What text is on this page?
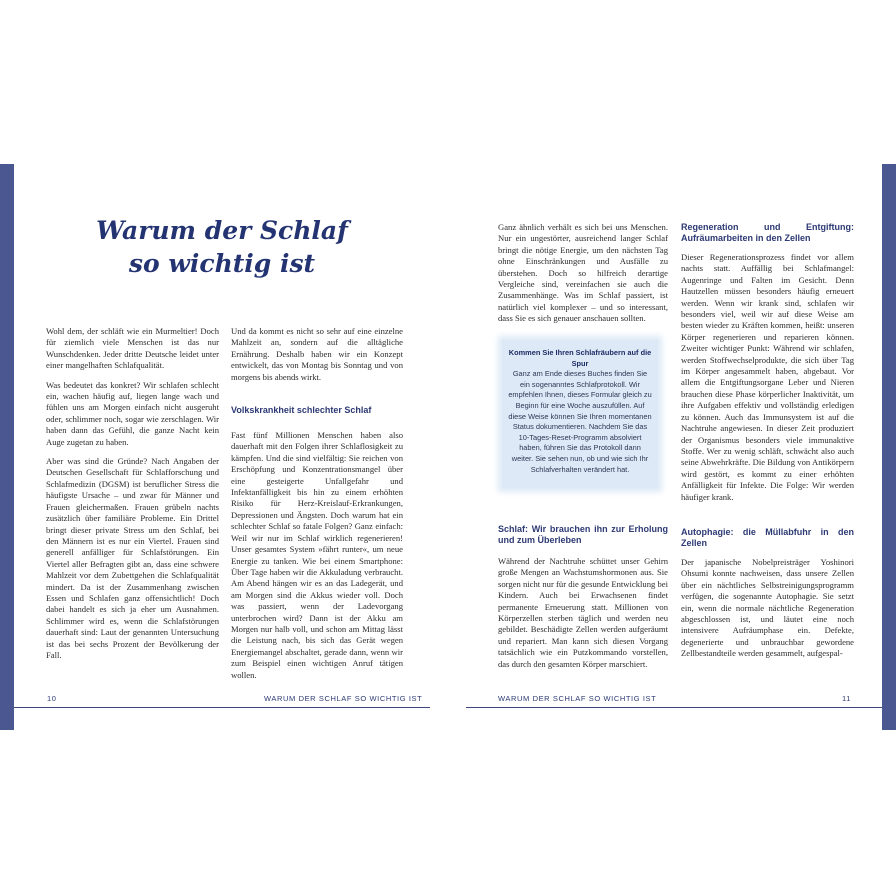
Warum der Schlaf
so wichtig ist

Wohl dem, der schläft wie ein Murmeltier! Doch für ziemlich viele Menschen ist das nur Wunschdenken. Jeder dritte Deutsche leidet unter einer mangelhaften Schlafqualität.

Was bedeutet das konkret? Wir schlafen schlecht ein, wachen häufig auf, liegen lange wach und fühlen uns am Morgen einfach nicht ausgeruht oder, schlimmer noch, sogar wie zerschlagen. Wir haben dann das Gefühl, die ganze Nacht kein Auge zugetan zu haben.

Aber was sind die Gründe? Nach Angaben der Deutschen Gesellschaft für Schlafforschung und Schlafmedizin (DGSM) ist beruflicher Stress die häufigste Ursache – und zwar für Männer und Frauen gleichermaßen. Frauen grübeln nachts zusätzlich über familiäre Probleme. Ein Drittel bringt dieser private Stress um den Schlaf, bei den Männern ist es nur ein Viertel. Frauen sind generell anfälliger für Schlafstörungen. Ein Viertel aller Befragten gibt an, dass eine schwere Mahlzeit vor dem Zubettgehen die Schlafqualität mindert. Da ist der Zusammenhang zwischen Essen und Schlafen ganz offensichtlich! Doch dabei handelt es sich ja eher um Ausnahmen. Schlimmer wird es, wenn die Schlafstörungen dauerhaft sind: Laut der genannten Untersuchung ist das bei sechs Prozent der Bevölkerung der Fall.

Und da kommt es nicht so sehr auf eine einzelne Mahlzeit an, sondern auf die alltägliche Ernährung. Deshalb haben wir ein Konzept entwickelt, das von Montag bis Sonntag und von morgens bis abends wirkt.

Volkskrankheit schlechter Schlaf

Fast fünf Millionen Menschen haben also dauerhaft mit den Folgen ihrer Schlaflosigkeit zu kämpfen. Und die sind vielfältig: Sie reichen von Erschöpfung und Konzentrationsmangel über eine gesteigerte Unfallgefahr und Infektanfälligkeit bis hin zu einem erhöhten Risiko für Herz-Kreislauf-Erkrankungen, Depressionen und Ängsten. Doch warum hat ein schlechter Schlaf so fatale Folgen? Ganz einfach: Weil wir nur im Schlaf wirklich regenerieren! Unser gesamtes System »fährt runter«, um neue Energie zu tanken. Wie bei einem Smartphone: Über Tage haben wir die Akkuladung verbraucht. Am Abend hängen wir es an das Ladegerät, und am Morgen sind die Akkus wieder voll. Doch was passiert, wenn der Ladevorgang unterbrochen wird? Dann ist der Akku am Morgen nur halb voll, und schon am Mittag lässt die Leistung nach, bis sich das Gerät wegen Energiemangel abschaltet, gerade dann, wenn wir zum Beispiel einen wichtigen Anruf tätigen wollen.

Ganz ähnlich verhält es sich bei uns Menschen. Nur ein ungestörter, ausreichend langer Schlaf bringt die nötige Energie, um den nächsten Tag ohne Einschränkungen und Ausfälle zu überstehen. Doch so hilfreich derartige Vergleiche sind, vereinfachen sie auch die Zusammenhänge. Was im Schlaf passiert, ist natürlich viel komplexer – und so interessant, dass Sie es sich genauer anschauen sollten.

Kommen Sie Ihren Schlafräubern auf die Spur
Ganz am Ende dieses Buches finden Sie ein sogenanntes Schlafprotokoll. Wir empfehlen Ihnen, dieses Formular gleich zu Beginn für eine Woche auszufüllen. Auf diese Weise können Sie Ihren momentanen Status dokumentieren. Nachdem Sie das 10-Tages-Reset-Programm absolviert haben, führen Sie das Protokoll dann weiter. Sie sehen nun, ob und wie sich Ihr Schlafverhalten verändert hat.
Schlaf: Wir brauchen ihn zur Erholung und zum Überleben

Während der Nachtruhe schüttet unser Gehirn große Mengen an Wachstumshormonen aus. Sie sorgen nicht nur für die gesunde Entwicklung bei Kindern. Auch bei Erwachsenen findet permanente Erneuerung statt. Millionen von Körperzellen sterben täglich und werden neu gebildet. Beschädigte Zellen werden aufgeräumt und repariert. Man kann sich diesen Vorgang tatsächlich wie ein Putzkommando vorstellen, das durch den gesamten Körper marschiert.

Regeneration und Entgiftung: Aufräumarbeiten in den Zellen

Dieser Regenerationsprozess findet vor allem nachts statt. Auffällig bei Schlafmangel: Augenringe und Falten im Gesicht. Denn Hautzellen müssen besonders häufig erneuert werden. Wenn wir krank sind, schlafen wir besonders viel, weil wir auf diese Weise am besten wieder zu Kräften kommen, heißt: unseren Körper regenerieren und reparieren können. Zweiter wichtiger Punkt: Während wir schlafen, werden Stoffwechselprodukte, die sich über Tag im Körper angesammelt haben, abgebaut. Vor allem die Entgiftungsorgane Leber und Nieren brauchen diese Phase körperlicher Inaktivität, um ihre Aufgaben effektiv und vollständig erledigen zu können. Auch das Immunsystem ist auf die Nachtruhe angewiesen. In dieser Zeit produziert der Organismus besonders viele immunaktive Stoffe. Wer zu wenig schläft, schwächt also auch seine Abwehrkräfte. Die Bildung von Antikörpern wird gestört, es kommt zu einer erhöhten Anfälligkeit für Infekte. Die Folge: Wir werden häufiger krank.

Autophagie: die Müllabfuhr in den Zellen

Der japanische Nobelpreisträger Yoshinori Ohsumi konnte nachweisen, dass unsere Zellen über ein nächtliches Selbstreinigungsprogramm verfügen, die sogenannte Autophagie. Sie setzt ein, wenn die normale nächtliche Regeneration abgeschlossen ist, und läutet eine noch intensivere Aufräumphase ein. Defekte, degenerierte und unbrauchbar gewordene Zellbestandteile werden gesammelt, aufgespal-

10	WARUM DER SCHLAF SO WICHTIG IST	WARUM DER SCHLAF SO WICHTIG IST	11
